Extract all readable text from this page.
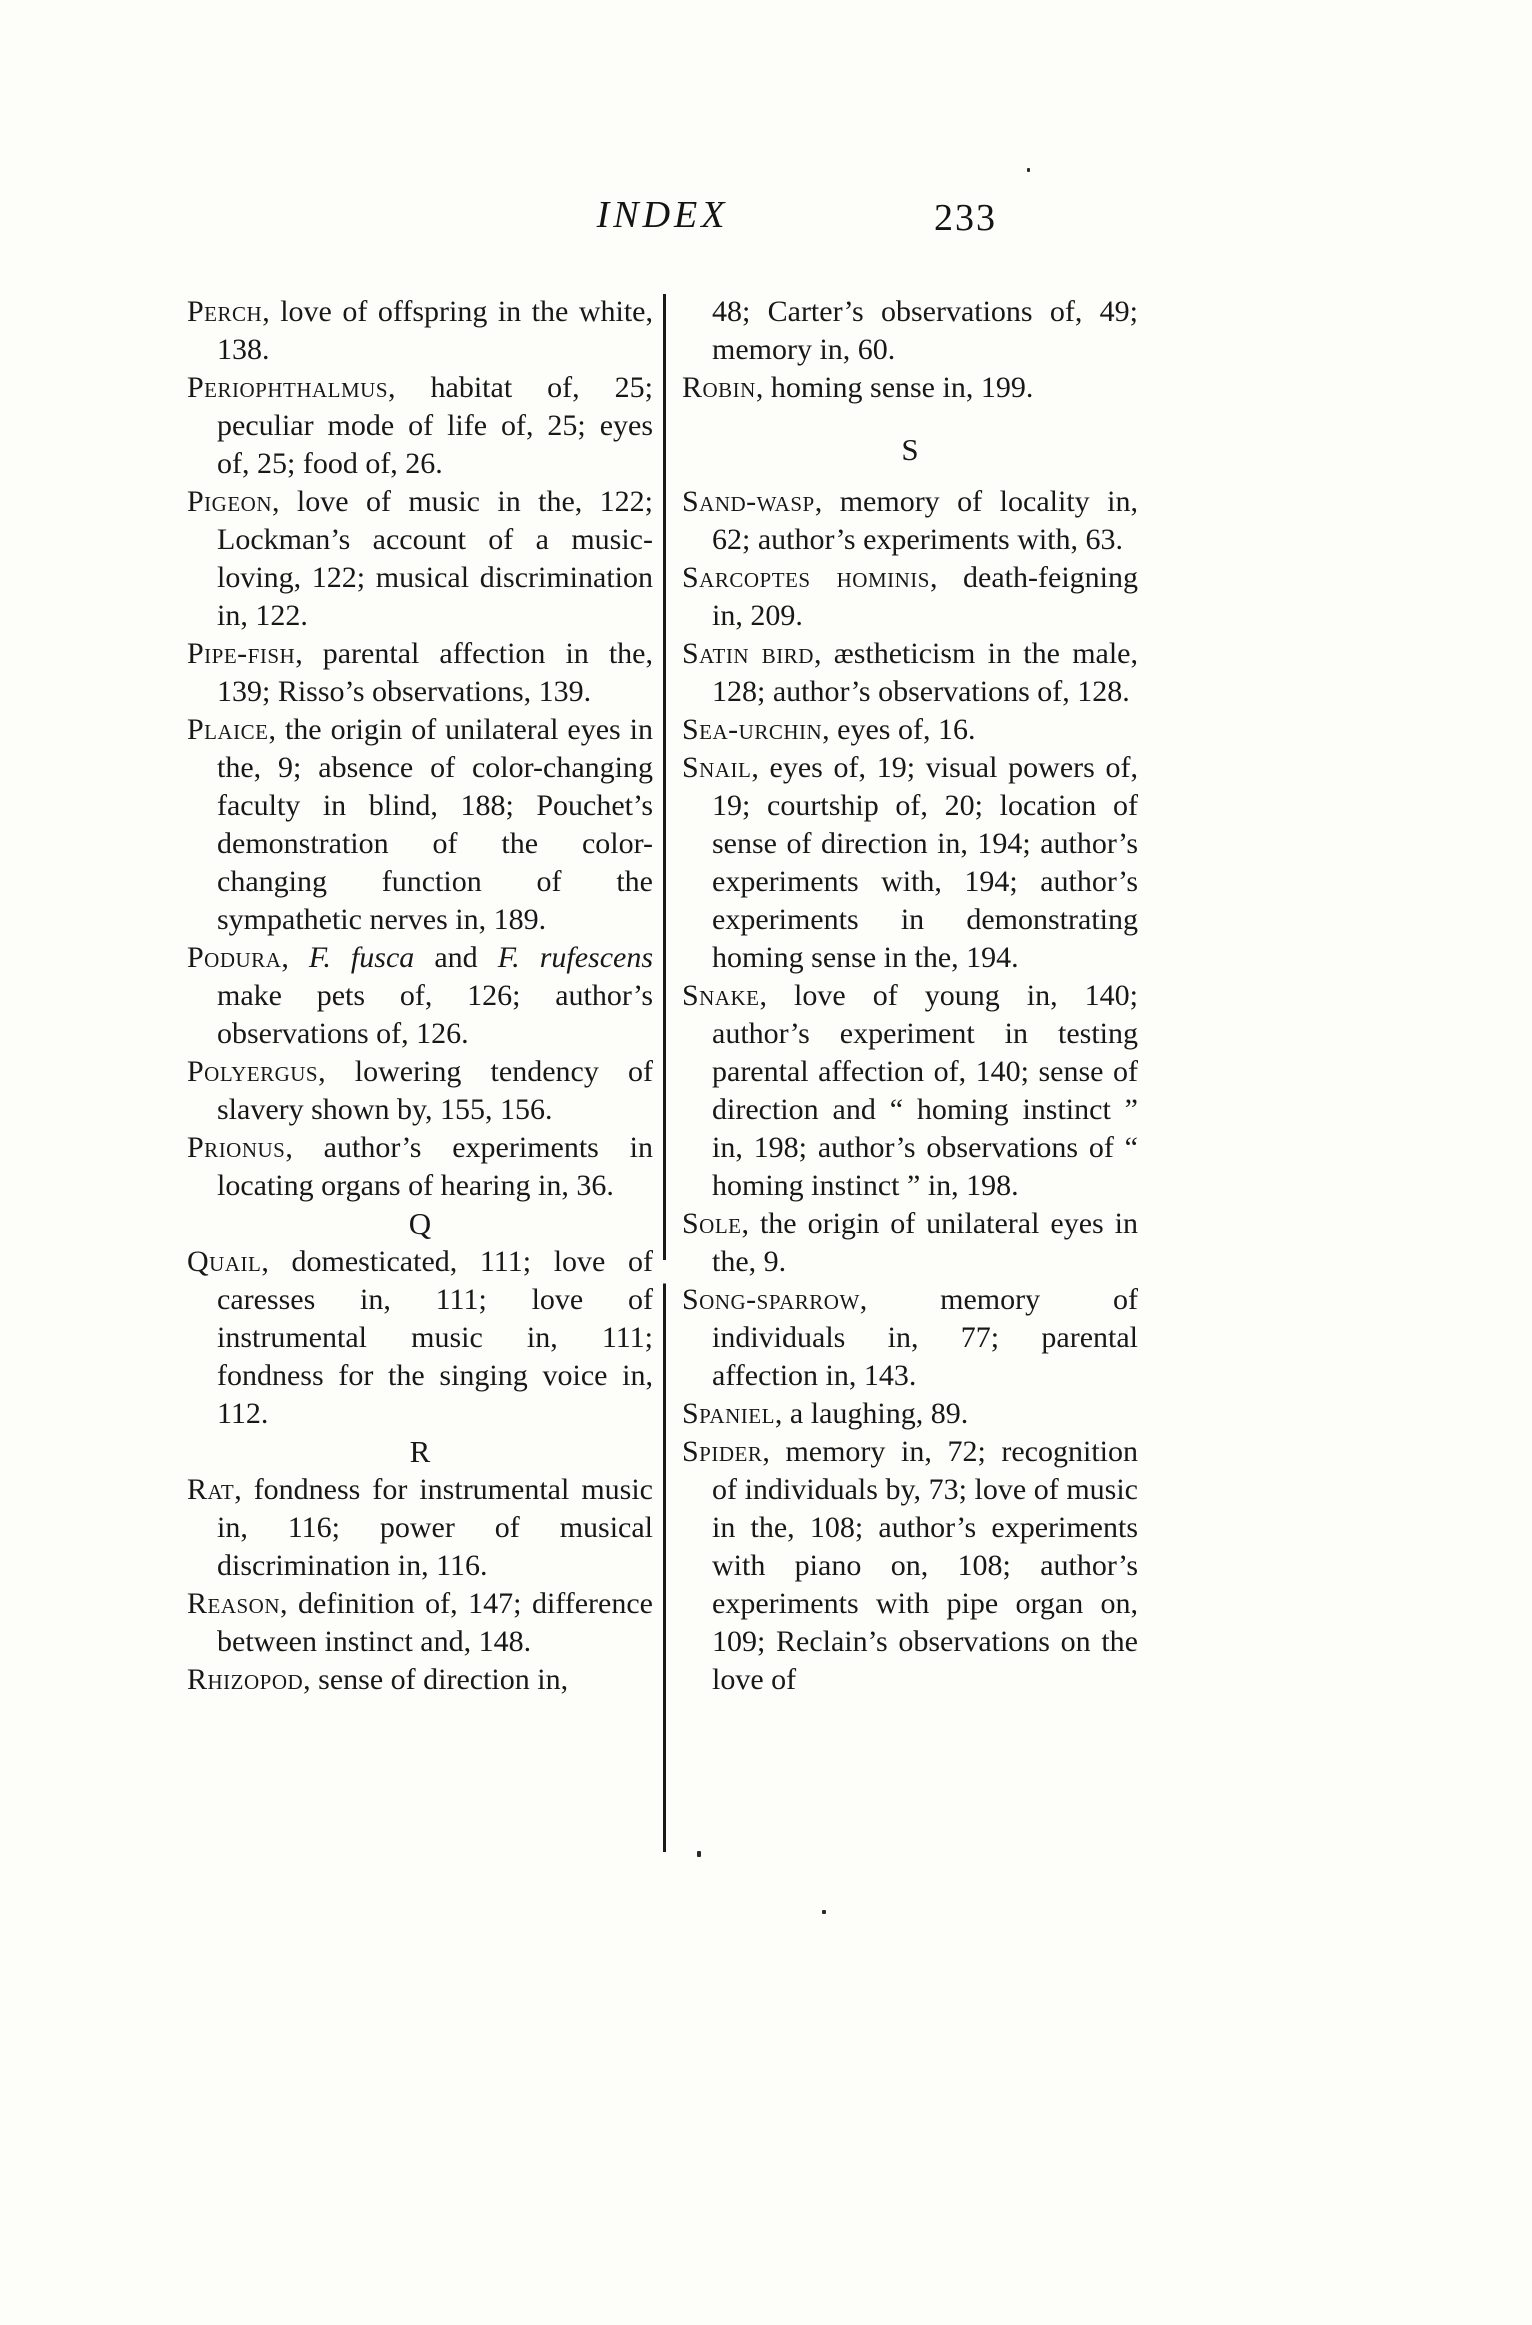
INDEX	233
Perch, love of offspring in the white, 138.
Periophthalmus, habitat of, 25; peculiar mode of life of, 25; eyes of, 25; food of, 26.
Pigeon, love of music in the, 122; Lockman’s account of a music-loving, 122; musical discrimination in, 122.
Pipe-fish, parental affection in the, 139; Risso’s observations, 139.
Plaice, the origin of unilateral eyes in the, 9; absence of color-changing faculty in blind, 188; Pouchet’s demonstration of the color-changing function of the sympathetic nerves in, 189.
Podura, F. fusca and F. rufescens make pets of, 126; author’s observations of, 126.
Polyergus, lowering tendency of slavery shown by, 155, 156.
Prionus, author’s experiments in locating organs of hearing in, 36.
Q
Quail, domesticated, 111; love of caresses in, 111; love of instrumental music in, 111; fondness for the singing voice in, 112.
R
Rat, fondness for instrumental music in, 116; power of musical discrimination in, 116.
Reason, definition of, 147; difference between instinct and, 148.
Rhizopod, sense of direction in,
48; Carter’s observations of, 49; memory in, 60.
Robin, homing sense in, 199.
S
Sand-wasp, memory of locality in, 62; author’s experiments with, 63.
Sarcoptes hominis, death-feigning in, 209.
Satin bird, æstheticism in the male, 128; author’s observations of, 128.
Sea-urchin, eyes of, 16.
Snail, eyes of, 19; visual powers of, 19; courtship of, 20; location of sense of direction in, 194; author’s experiments with, 194; author’s experiments in demonstrating homing sense in the, 194.
Snake, love of young in, 140; author’s experiment in testing parental affection of, 140; sense of direction and “ homing instinct ” in, 198; author’s observations of “ homing instinct ” in, 198.
Sole, the origin of unilateral eyes in the, 9.
Song-sparrow, memory of individuals in, 77; parental affection in, 143.
Spaniel, a laughing, 89.
Spider, memory in, 72; recognition of individuals by, 73; love of music in the, 108; author’s experiments with piano on, 108; author’s experiments with pipe organ on, 109; Reclain’s observations on the love of
